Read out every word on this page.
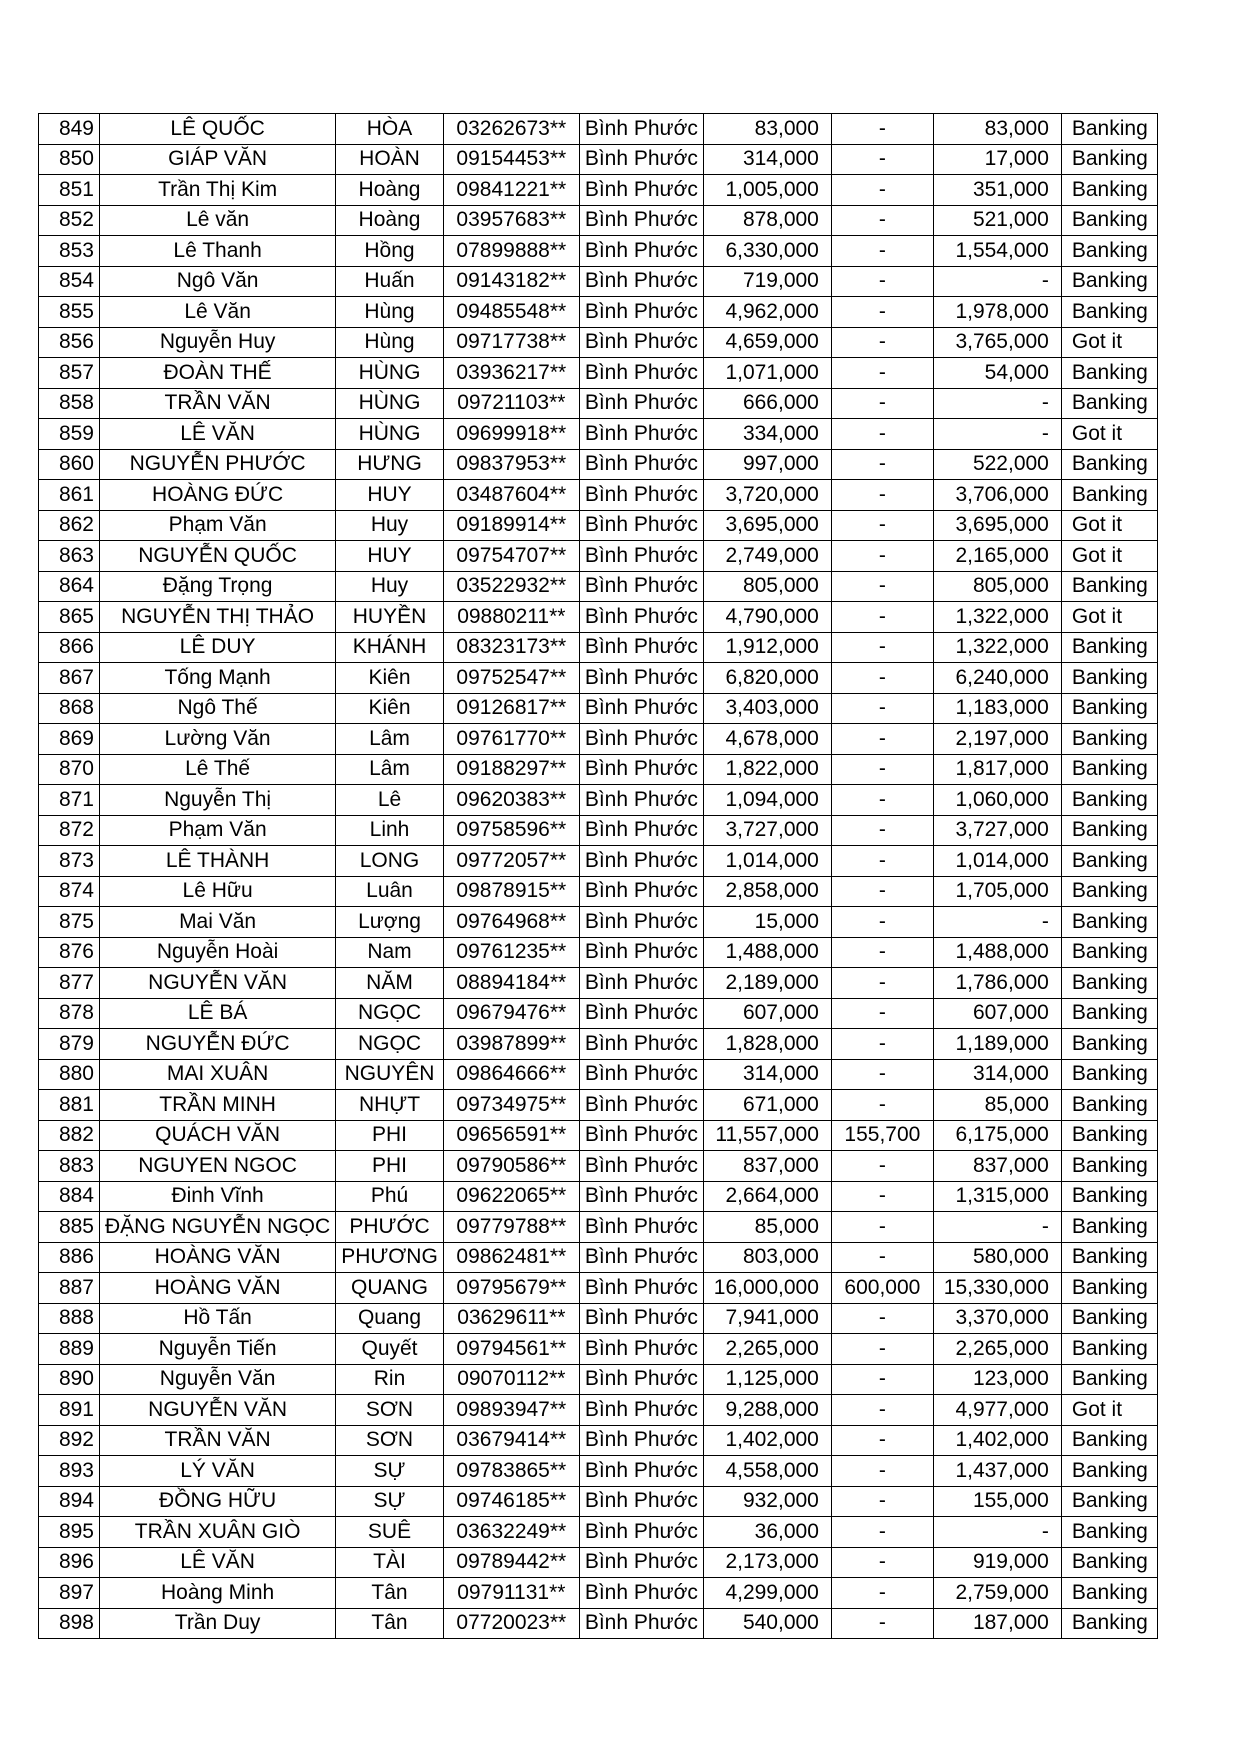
849	LÊ QUỐC	HÒA	03262673**	Bình Phước	83,000	-	83,000	Banking
850	GIÁP VĂN	HOÀN	09154453**	Bình Phước	314,000	-	17,000	Banking
851	Trần Thị Kim	Hoàng	09841221**	Bình Phước	1,005,000	-	351,000	Banking
852	Lê văn	Hoàng	03957683**	Bình Phước	878,000	-	521,000	Banking
853	Lê Thanh	Hồng	07899888**	Bình Phước	6,330,000	-	1,554,000	Banking
854	Ngô Văn	Huấn	09143182**	Bình Phước	719,000	-	-	Banking
855	Lê Văn	Hùng	09485548**	Bình Phước	4,962,000	-	1,978,000	Banking
856	Nguyễn Huy	Hùng	09717738**	Bình Phước	4,659,000	-	3,765,000	Got it
857	ĐOÀN THẾ	HÙNG	03936217**	Bình Phước	1,071,000	-	54,000	Banking
858	TRẦN VĂN	HÙNG	09721103**	Bình Phước	666,000	-	-	Banking
859	LÊ VĂN	HÙNG	09699918**	Bình Phước	334,000	-	-	Got it
860	NGUYỄN PHƯỚC	HƯNG	09837953**	Bình Phước	997,000	-	522,000	Banking
861	HOÀNG ĐỨC	HUY	03487604**	Bình Phước	3,720,000	-	3,706,000	Banking
862	Phạm Văn	Huy	09189914**	Bình Phước	3,695,000	-	3,695,000	Got it
863	NGUYỄN QUỐC	HUY	09754707**	Bình Phước	2,749,000	-	2,165,000	Got it
864	Đặng Trọng	Huy	03522932**	Bình Phước	805,000	-	805,000	Banking
865	NGUYỄN THỊ THẢO	HUYỀN	09880211**	Bình Phước	4,790,000	-	1,322,000	Got it
866	LÊ DUY	KHÁNH	08323173**	Bình Phước	1,912,000	-	1,322,000	Banking
867	Tống Mạnh	Kiên	09752547**	Bình Phước	6,820,000	-	6,240,000	Banking
868	Ngô Thế	Kiên	09126817**	Bình Phước	3,403,000	-	1,183,000	Banking
869	Lường Văn	Lâm	09761770**	Bình Phước	4,678,000	-	2,197,000	Banking
870	Lê Thế	Lâm	09188297**	Bình Phước	1,822,000	-	1,817,000	Banking
871	Nguyễn Thị	Lê	09620383**	Bình Phước	1,094,000	-	1,060,000	Banking
872	Phạm Văn	Linh	09758596**	Bình Phước	3,727,000	-	3,727,000	Banking
873	LÊ THÀNH	LONG	09772057**	Bình Phước	1,014,000	-	1,014,000	Banking
874	Lê Hữu	Luân	09878915**	Bình Phước	2,858,000	-	1,705,000	Banking
875	Mai Văn	Lượng	09764968**	Bình Phước	15,000	-	-	Banking
876	Nguyễn Hoài	Nam	09761235**	Bình Phước	1,488,000	-	1,488,000	Banking
877	NGUYỄN VĂN	NĂM	08894184**	Bình Phước	2,189,000	-	1,786,000	Banking
878	LÊ BÁ	NGỌC	09679476**	Bình Phước	607,000	-	607,000	Banking
879	NGUYỄN ĐỨC	NGỌC	03987899**	Bình Phước	1,828,000	-	1,189,000	Banking
880	MAI XUÂN	NGUYÊN	09864666**	Bình Phước	314,000	-	314,000	Banking
881	TRẦN MINH	NHỰT	09734975**	Bình Phước	671,000	-	85,000	Banking
882	QUÁCH VĂN	PHI	09656591**	Bình Phước	11,557,000	155,700	6,175,000	Banking
883	NGUYEN NGOC	PHI	09790586**	Bình Phước	837,000	-	837,000	Banking
884	Đinh Vĩnh	Phú	09622065**	Bình Phước	2,664,000	-	1,315,000	Banking
885	ĐẶNG NGUYỄN NGỌC	PHƯỚC	09779788**	Bình Phước	85,000	-	-	Banking
886	HOÀNG VĂN	PHƯƠNG	09862481**	Bình Phước	803,000	-	580,000	Banking
887	HOÀNG VĂN	QUANG	09795679**	Bình Phước	16,000,000	600,000	15,330,000	Banking
888	Hồ Tấn	Quang	03629611**	Bình Phước	7,941,000	-	3,370,000	Banking
889	Nguyễn Tiến	Quyết	09794561**	Bình Phước	2,265,000	-	2,265,000	Banking
890	Nguyễn Văn	Rin	09070112**	Bình Phước	1,125,000	-	123,000	Banking
891	NGUYỄN VĂN	SƠN	09893947**	Bình Phước	9,288,000	-	4,977,000	Got it
892	TRẦN VĂN	SƠN	03679414**	Bình Phước	1,402,000	-	1,402,000	Banking
893	LÝ VĂN	SỰ	09783865**	Bình Phước	4,558,000	-	1,437,000	Banking
894	ĐỒNG HỮU	SỰ	09746185**	Bình Phước	932,000	-	155,000	Banking
895	TRẦN XUÂN GIÒ	SUÊ	03632249**	Bình Phước	36,000	-	-	Banking
896	LÊ VĂN	TÀI	09789442**	Bình Phước	2,173,000	-	919,000	Banking
897	Hoàng Minh	Tân	09791131**	Bình Phước	4,299,000	-	2,759,000	Banking
898	Trần Duy	Tân	07720023**	Bình Phước	540,000	-	187,000	Banking
